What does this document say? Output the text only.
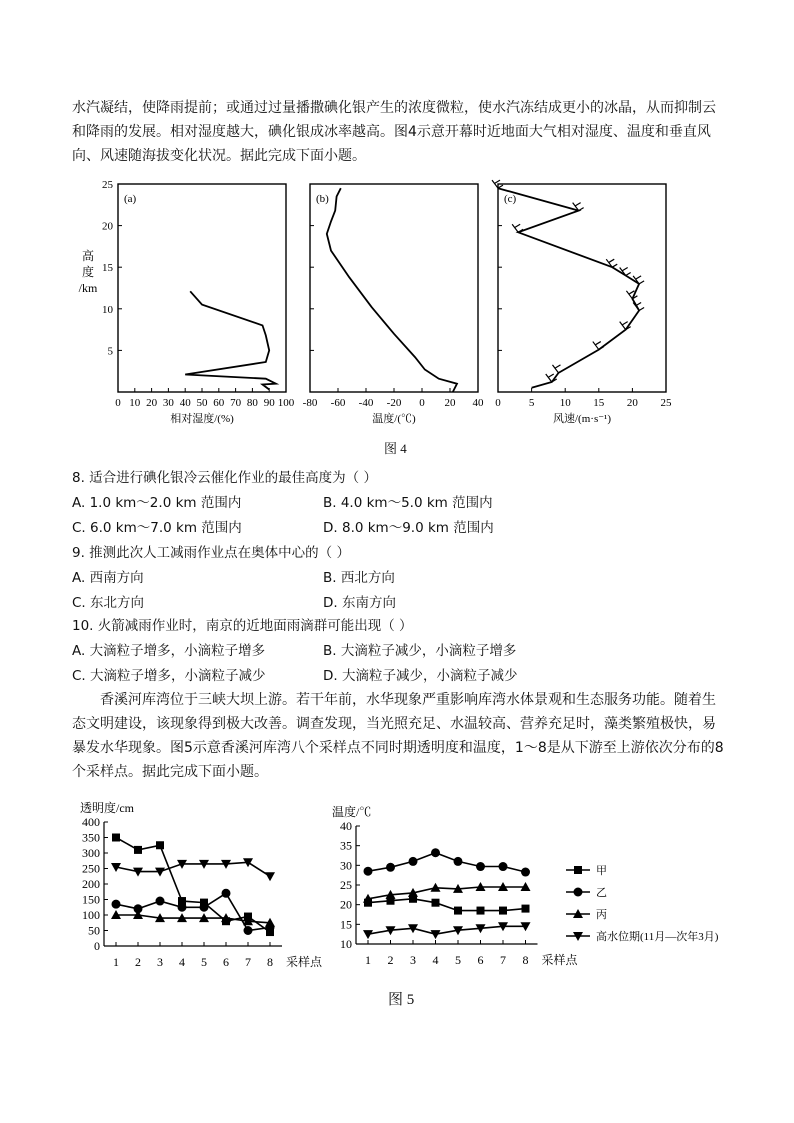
水汽凝结，使降雨提前；或通过过量播撒碘化银产生的浓度微粒，使水汽冻结成更小的冰晶，从而抑制云和降雨的发展。相对湿度越大，碘化银成冰率越高。图4示意开幕时近地面大气相对湿度、温度和垂直风向、风速随海拔变化状况。据此完成下面小题。
高
度
/km
(a)
0 10 20 30 40 50 60 70 80 90 100
相对湿度/(%)
5
10
15
20
25
(b)
-80 -60 -40 -20 0 20 40
温度/(℃)
(c)
0	5 10 15 20 25
风速/(m·s⁻¹)
图 4
8. 适合进行碘化银冷云催化作业的最佳高度为（ ）
A. 1.0 km～2.0 km 范围内	B. 4.0 km～5.0 km 范围内
C. 6.0 km～7.0 km 范围内	D. 8.0 km～9.0 km 范围内
9. 推测此次人工减雨作业点在奥体中心的（ ）
A. 西南方向	B. 西北方向
C. 东北方向	D. 东南方向
10. 火箭减雨作业时，南京的近地面雨滴群可能出现（ ）
A. 大滴粒子增多，小滴粒子增多	B. 大滴粒子减少，小滴粒子增多
C. 大滴粒子增多，小滴粒子减少	D. 大滴粒子减少，小滴粒子减少
香溪河库湾位于三峡大坝上游。若干年前，水华现象严重影响库湾水体景观和生态服务功能。随着生态文明建设，该现象得到极大改善。调查发现，当光照充足、水温较高、营养充足时，藻类繁殖极快，易暴发水华现象。图5示意香溪河库湾八个采样点不同时期透明度和温度，1～8是从下游至上游依次分布的8个采样点。据此完成下面小题。
0
50
100
150
200
250
300
350
400
1 2 3 4 5 6 7 8 采样点
透明度/cm
10
15
20
25
30
35
40
1 2 3 4 5 6 7 8 采样点
温度/℃
甲
乙
丙
高水位期(11月—次年3月)
图 5
